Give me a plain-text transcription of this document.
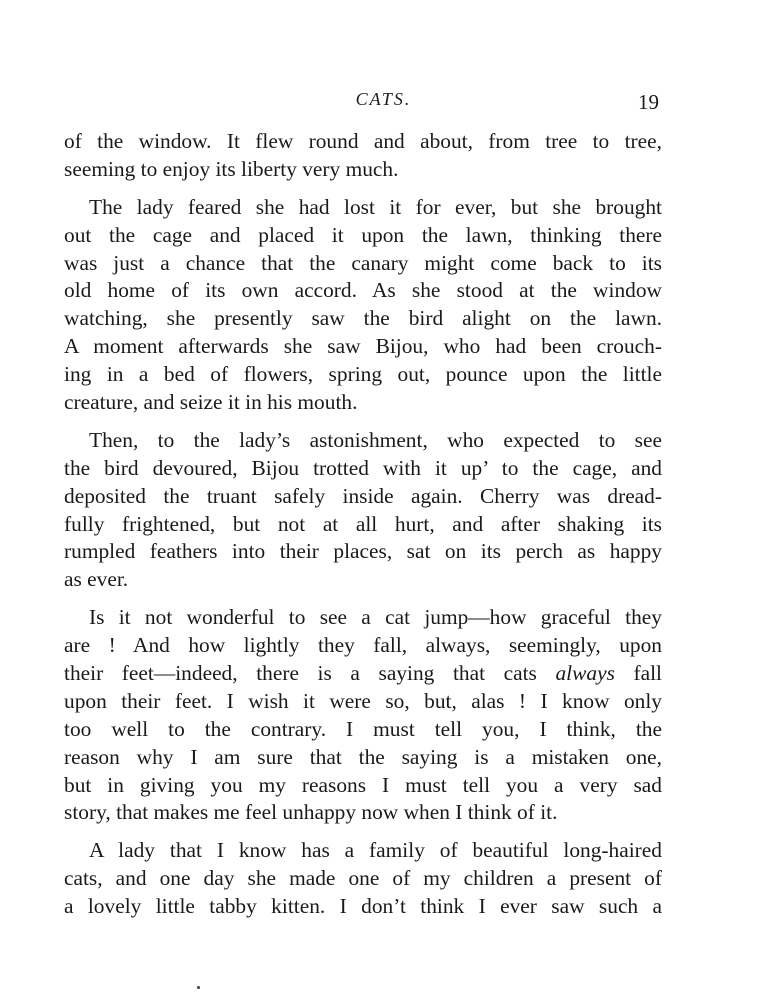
CATS.	19
of the window. It flew round and about, from tree to tree,
seeming to enjoy its liberty very much.
The lady feared she had lost it for ever, but she brought
out the cage and placed it upon the lawn, thinking there
was just a chance that the canary might come back to its
old home of its own accord. As she stood at the window
watching, she presently saw the bird alight on the lawn.
A moment afterwards she saw Bijou, who had been crouch-
ing in a bed of flowers, spring out, pounce upon the little
creature, and seize it in his mouth.
Then, to the lady’s astonishment, who expected to see
the bird devoured, Bijou trotted with it up’ to the cage, and
deposited the truant safely inside again. Cherry was dread-
fully frightened, but not at all hurt, and after shaking its
rumpled feathers into their places, sat on its perch as happy
as ever.
Is it not wonderful to see a cat jump—how graceful they
are ! And how lightly they fall, always, seemingly, upon
their feet—indeed, there is a saying that cats always fall
upon their feet. I wish it were so, but, alas ! I know only
too well to the contrary. I must tell you, I think, the
reason why I am sure that the saying is a mistaken one,
but in giving you my reasons I must tell you a very sad
story, that makes me feel unhappy now when I think of it.
A lady that I know has a family of beautiful long-haired
cats, and one day she made one of my children a present of
a lovely little tabby kitten. I don’t think I ever saw such a
